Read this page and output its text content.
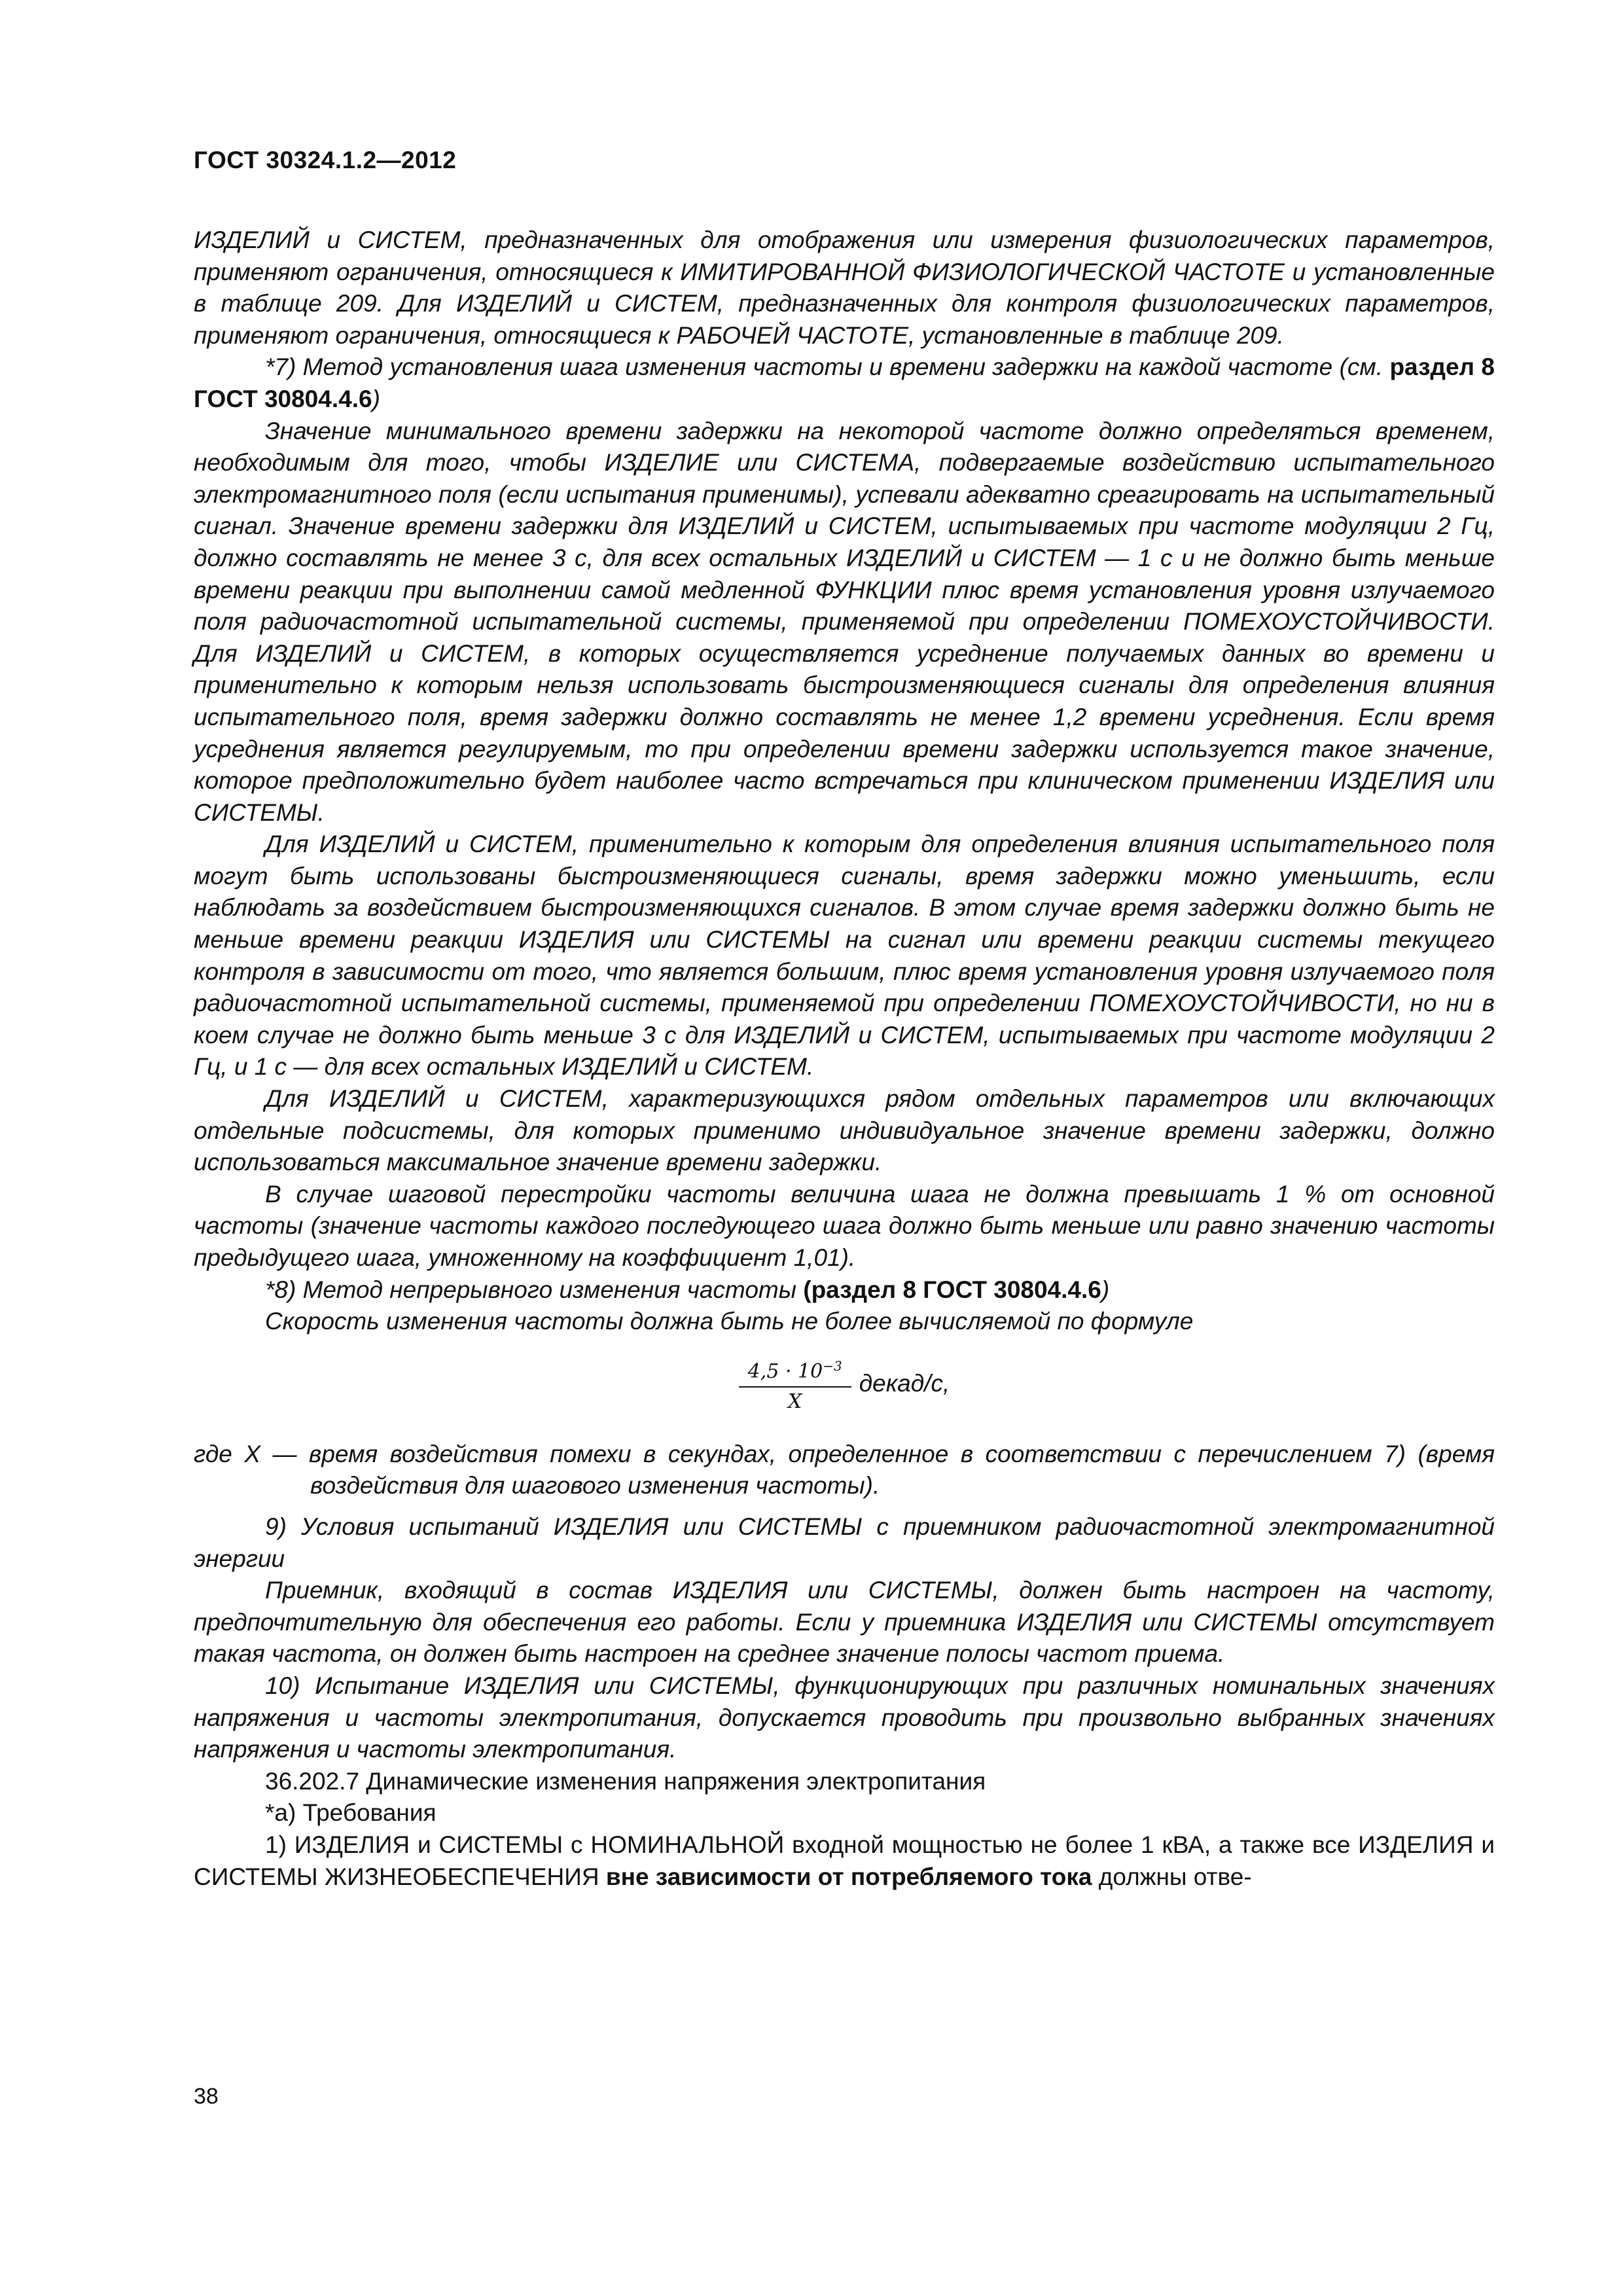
ГОСТ 30324.1.2—2012

ИЗДЕЛИЙ и СИСТЕМ, предназначенных для отображения или измерения физиологических параметров, применяют ограничения, относящиеся к ИМИТИРОВАННОЙ ФИЗИОЛОГИЧЕСКОЙ ЧАСТОТЕ и установленные в таблице 209. Для ИЗДЕЛИЙ и СИСТЕМ, предназначенных для контроля физиологических параметров, применяют ограничения, относящиеся к РАБОЧЕЙ ЧАСТОТЕ, установленные в таблице 209.

*7) Метод установления шага изменения частоты и времени задержки на каждой частоте (см. раздел 8 ГОСТ 30804.4.6)

Значение минимального времени задержки на некоторой частоте должно определяться временем, необходимым для того, чтобы ИЗДЕЛИЕ или СИСТЕМА, подвергаемые воздействию испытательного электромагнитного поля (если испытания применимы), успевали адекватно среагировать на испытательный сигнал. Значение времени задержки для ИЗДЕЛИЙ и СИСТЕМ, испытываемых при частоте модуляции 2 Гц, должно составлять не менее 3 с, для всех остальных ИЗДЕЛИЙ и СИСТЕМ — 1 с и не должно быть меньше времени реакции при выполнении самой медленной ФУНКЦИИ плюс время установления уровня излучаемого поля радиочастотной испытательной системы, применяемой при определении ПОМЕХОУСТОЙЧИВОСТИ. Для ИЗДЕЛИЙ и СИСТЕМ, в которых осуществляется усреднение получаемых данных во времени и применительно к которым нельзя использовать быстроизменяющиеся сигналы для определения влияния испытательного поля, время задержки должно составлять не менее 1,2 времени усреднения. Если время усреднения является регулируемым, то при определении времени задержки используется такое значение, которое предположительно будет наиболее часто встречаться при клиническом применении ИЗДЕЛИЯ или СИСТЕМЫ.

Для ИЗДЕЛИЙ и СИСТЕМ, применительно к которым для определения влияния испытательного поля могут быть использованы быстроизменяющиеся сигналы, время задержки можно уменьшить, если наблюдать за воздействием быстроизменяющихся сигналов. В этом случае время задержки должно быть не меньше времени реакции ИЗДЕЛИЯ или СИСТЕМЫ на сигнал или времени реакции системы текущего контроля в зависимости от того, что является большим, плюс время установления уровня излучаемого поля радиочастотной испытательной системы, применяемой при определении ПОМЕХОУСТОЙЧИВОСТИ, но ни в коем случае не должно быть меньше 3 с для ИЗДЕЛИЙ и СИСТЕМ, испытываемых при частоте модуляции 2 Гц, и 1 с — для всех остальных ИЗДЕЛИЙ и СИСТЕМ.

Для ИЗДЕЛИЙ и СИСТЕМ, характеризующихся рядом отдельных параметров или включающих отдельные подсистемы, для которых применимо индивидуальное значение времени задержки, должно использоваться максимальное значение времени задержки.

В случае шаговой перестройки частоты величина шага не должна превышать 1 % от основной частоты (значение частоты каждого последующего шага должно быть меньше или равно значению частоты предыдущего шага, умноженному на коэффициент 1,01).

*8) Метод непрерывного изменения частоты (раздел 8 ГОСТ 30804.4.6)

Скорость изменения частоты должна быть не более вычисляемой по формуле

$\frac{4,5 \cdot 10^{-3}}{X}$ декад/с,

где X — время воздействия помехи в секундах, определенное в соответствии с перечислением 7) (время воздействия для шагового изменения частоты).

9) Условия испытаний ИЗДЕЛИЯ или СИСТЕМЫ с приемником радиочастотной электромагнитной энергии

Приемник, входящий в состав ИЗДЕЛИЯ или СИСТЕМЫ, должен быть настроен на частоту, предпочтительную для обеспечения его работы. Если у приемника ИЗДЕЛИЯ или СИСТЕМЫ отсутствует такая частота, он должен быть настроен на среднее значение полосы частот приема.

10) Испытание ИЗДЕЛИЯ или СИСТЕМЫ, функционирующих при различных номинальных значениях напряжения и частоты электропитания, допускается проводить при произвольно выбранных значениях напряжения и частоты электропитания.

36.202.7 Динамические изменения напряжения электропитания

*a) Требования

1) ИЗДЕЛИЯ и СИСТЕМЫ с НОМИНАЛЬНОЙ входной мощностью не более 1 кВА, а также все ИЗДЕЛИЯ и СИСТЕМЫ ЖИЗНЕОБЕСПЕЧЕНИЯ вне зависимости от потребляемого тока должны отве-

38
